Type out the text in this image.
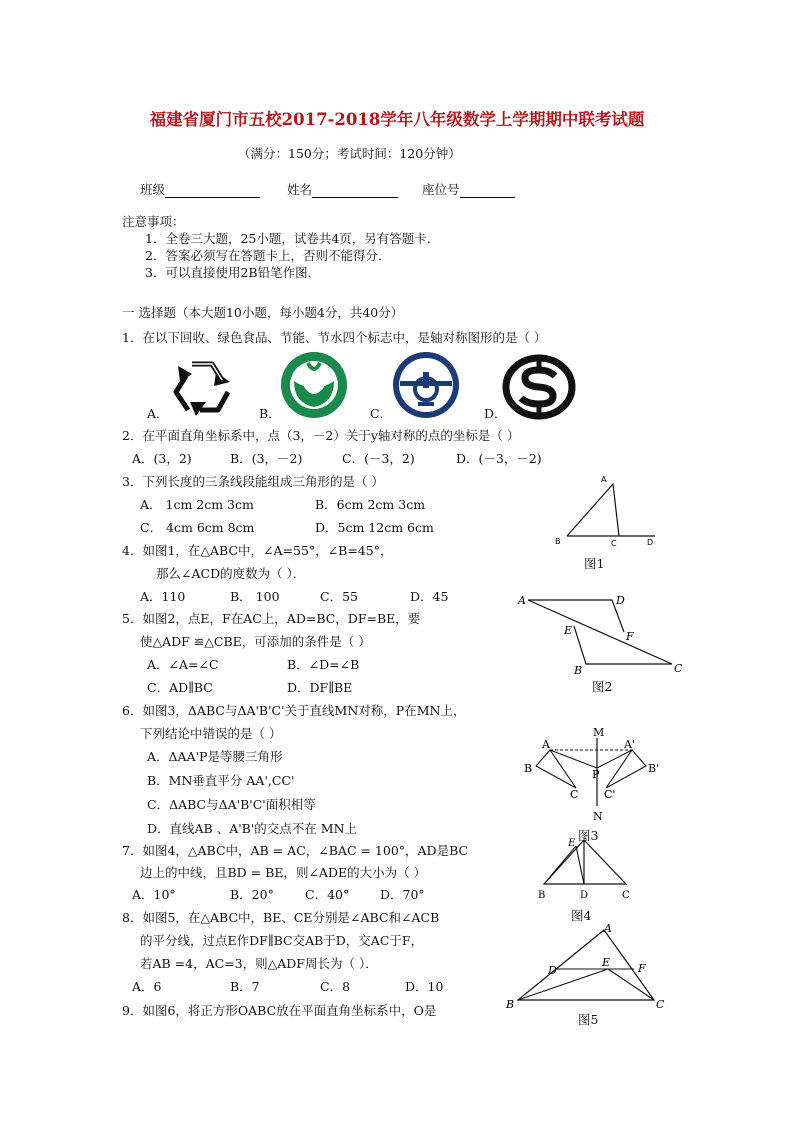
福建省厦门市五校2017-2018学年八年级数学上学期期中联考试题
（满分：150分；考试时间：120分钟）
班级	姓名	座位号
注意事项：
1．全卷三大题，25小题，试卷共4页，另有答题卡．
2．答案必须写在答题卡上，否则不能得分．
3．可以直接使用2B铅笔作图．
一 选择题（本大题10小题，每小题4分，共40分）
1．在以下回收、绿色食品、节能、节水四个标志中，是轴对称图形的是（ ）
A．	B．	C．	D．
2．在平面直角坐标系中，点（3，－2）关于y轴对称的点的坐标是（ ）
A．(3，2)	B．(3，－2)	C．(－3，2)	D．(－3，－2)
3．下列长度的三条线段能组成三角形的是（ ）
A． 1cm 2cm 3cm	B．6cm 2cm 3cm
C． 4cm 6cm 8cm	D．5cm 12cm 6cm
4．如图1，在△ABC中，∠A=55°，∠B=45°，
那么∠ACD的度数为（ ）．
A．110	B． 100	C．55	D．45
A
B	C	D
图1
5．如图2，点E，F在AC上，AD=BC，DF=BE，要
使△ADF ≌△CBE，可添加的条件是（ ）
A．∠A=∠C	B．∠D=∠B
C．AD∥BC	D．DF∥BE
A	D
E	F
B	C
图2
6．如图3，ΔABC与ΔA'B'C'关于直线MN对称，P在MN上，
下列结论中错误的是（ ）
A．ΔAA'P是等腰三角形
B．MN垂直平分 AA',CC'
C．ΔABC与ΔA'B'C'面积相等
D．直线AB 、A'B'的交点不在 MN上
M
A	A'
B	B'
P
C C'
N
图3
7．如图4，△ABC中，AB = AC，∠BAC = 100°，AD是BC
边上的中线，且BD = BE，则∠ADE的大小为（ ）
A．10°	B．20° C．40° D．70°
E
B	D	C
图4
8．如图5，在△ABC中，BE、CE分别是∠ABC和∠ACB
的平分线，过点E作DF∥BC交AB于D，交AC于F，
若AB =4，AC=3，则△ADF周长为（ ）．
A．6	B．7	C．8	D．10
A
D
E	F
B	C
图5
9．如图6，将正方形OABC放在平面直角坐标系中，O是
